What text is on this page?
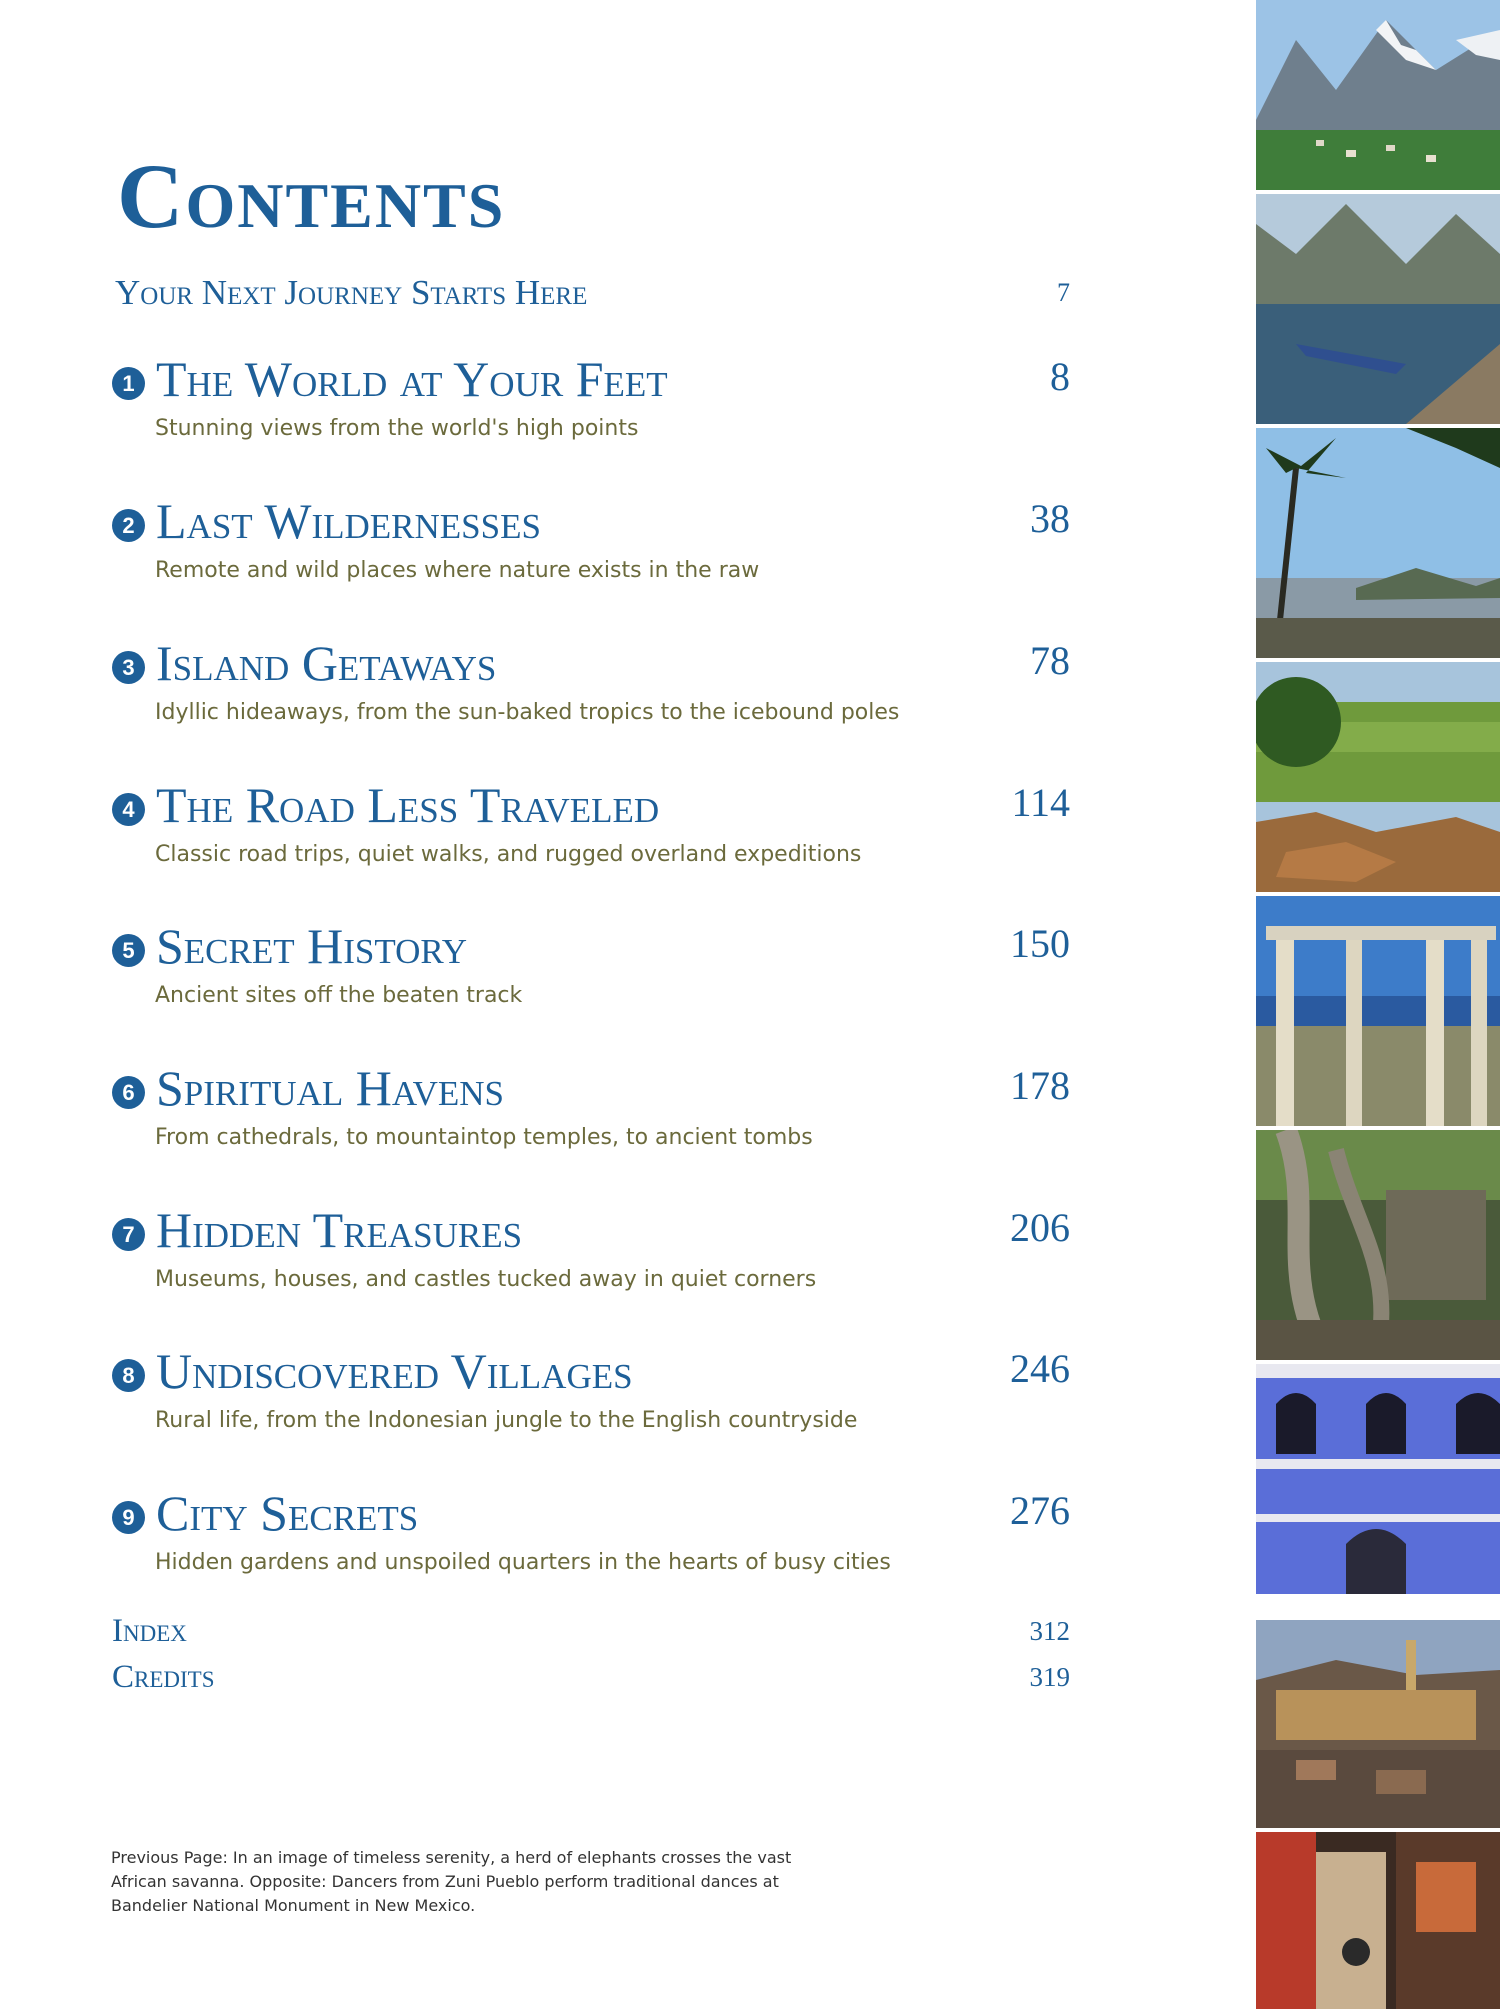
Contents
Your Next Journey Starts Here	7
1 The World at Your Feet	8
Stunning views from the world's high points
2 Last Wildernesses	38
Remote and wild places where nature exists in the raw
3 Island Getaways	78
Idyllic hideaways, from the sun-baked tropics to the icebound poles
4 The Road Less Traveled	114
Classic road trips, quiet walks, and rugged overland expeditions
5 Secret History	150
Ancient sites off the beaten track
6 Spiritual Havens	178
From cathedrals, to mountaintop temples, to ancient tombs
7 Hidden Treasures	206
Museums, houses, and castles tucked away in quiet corners
8 Undiscovered Villages	246
Rural life, from the Indonesian jungle to the English countryside
9 City Secrets	276
Hidden gardens and unspoiled quarters in the hearts of busy cities
Index	312
Credits	319

Previous Page: In an image of timeless serenity, a herd of elephants crosses the vast African savanna. Opposite: Dancers from Zuni Pueblo perform traditional dances at Bandelier National Monument in New Mexico.
